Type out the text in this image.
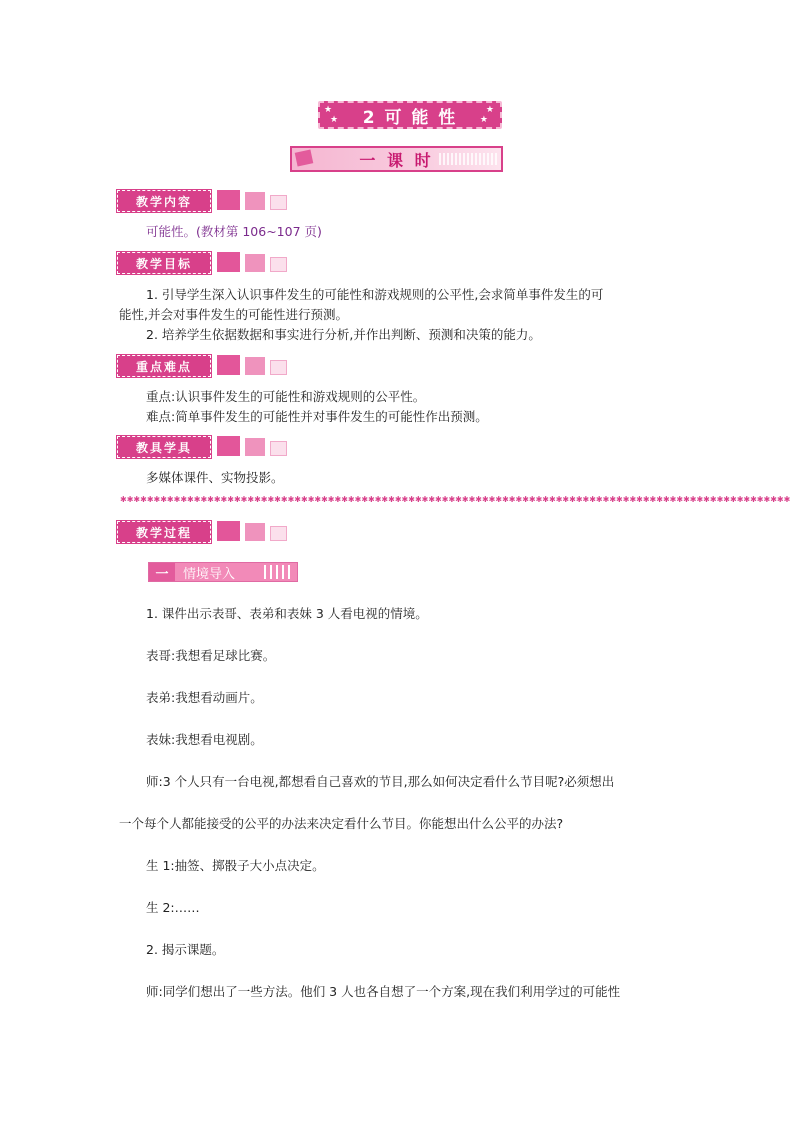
★
★
★
★
2 可 能 性
一 课 时
教学内容
可能性。(教材第 106~107 页)
教学目标
1. 引导学生深入认识事件发生的可能性和游戏规则的公平性,会求简单事件发生的可
能性,并会对事件发生的可能性进行预测。
2. 培养学生依据数据和事实进行分析,并作出判断、预测和决策的能力。
重点难点
重点:认识事件发生的可能性和游戏规则的公平性。
难点:简单事件发生的可能性并对事件发生的可能性作出预测。
教具学具
多媒体课件、实物投影。
✱✱✱✱✱✱✱✱✱✱✱✱✱✱✱✱✱✱✱✱✱✱✱✱✱✱✱✱✱✱✱✱✱✱✱✱✱✱✱✱✱✱✱✱✱✱✱✱✱✱✱✱✱✱✱✱✱✱✱✱✱✱✱✱✱✱✱✱✱✱✱✱✱✱✱✱✱✱✱✱✱✱✱✱✱✱✱✱✱✱✱✱✱✱✱✱✱✱✱✱
教学过程
一	情境导入
1. 课件出示表哥、表弟和表妹 3 人看电视的情境。
表哥:我想看足球比赛。
表弟:我想看动画片。
表妹:我想看电视剧。
师:3 个人只有一台电视,都想看自己喜欢的节目,那么如何决定看什么节目呢?必须想出
一个每个人都能接受的公平的办法来决定看什么节目。你能想出什么公平的办法?
生 1:抽签、掷骰子大小点决定。
生 2:……
2. 揭示课题。
师:同学们想出了一些方法。他们 3 人也各自想了一个方案,现在我们利用学过的可能性
